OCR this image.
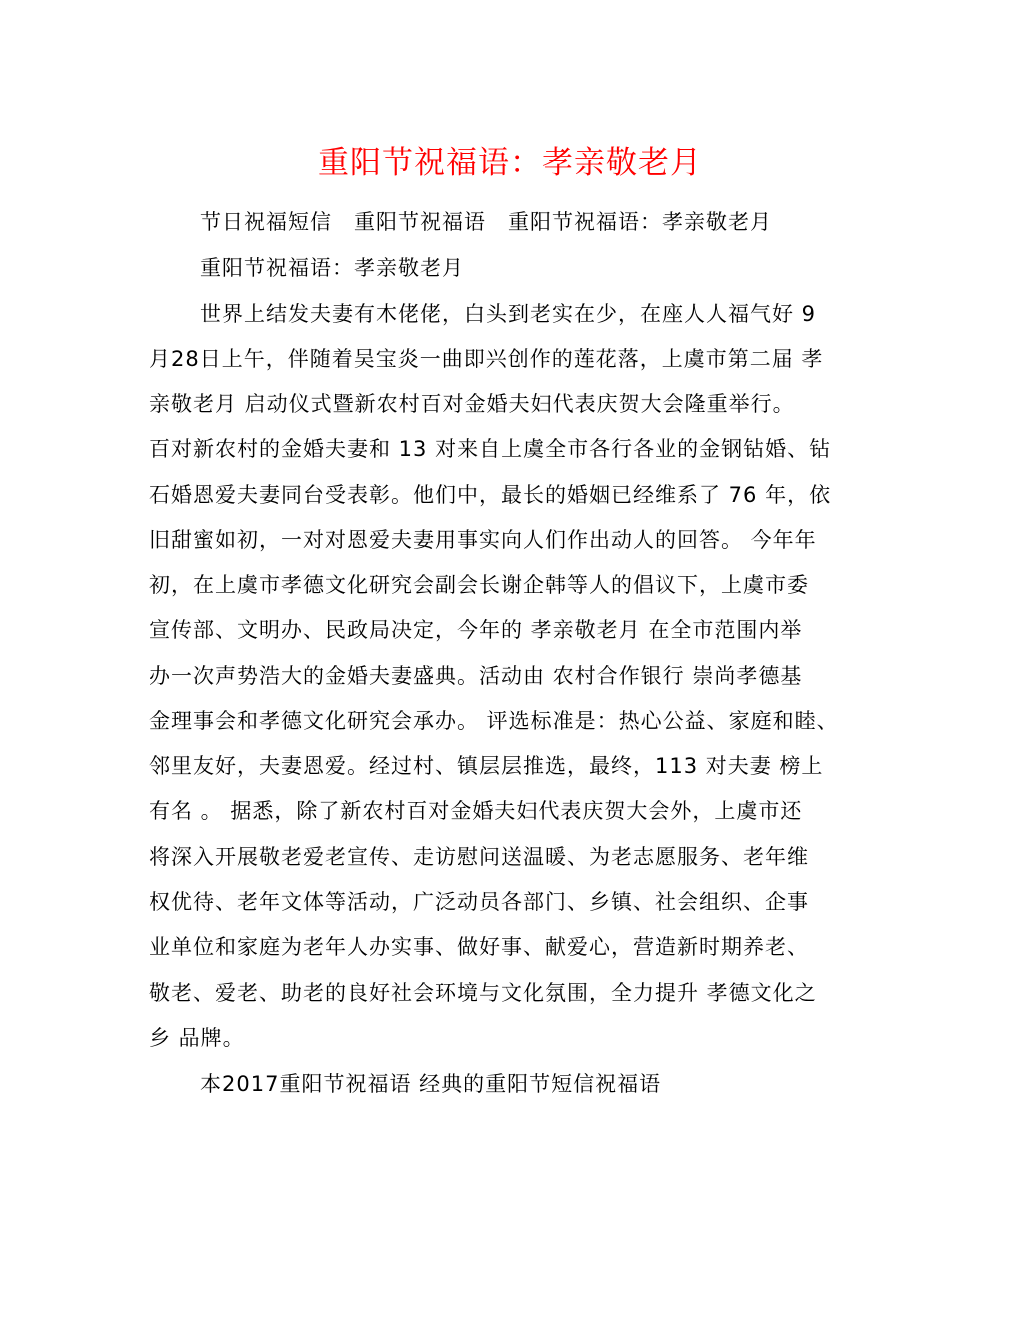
重阳节祝福语：孝亲敬老月
节日祝福短信　重阳节祝福语　重阳节祝福语：孝亲敬老月
重阳节祝福语：孝亲敬老月
世界上结发夫妻有木佬佬，白头到老实在少，在座人人福气好 9
月28日上午，伴随着吴宝炎一曲即兴创作的莲花落，上虞市第二届 孝
亲敬老月 启动仪式暨新农村百对金婚夫妇代表庆贺大会隆重举行。
百对新农村的金婚夫妻和 13 对来自上虞全市各行各业的金钢钻婚、钻
石婚恩爱夫妻同台受表彰。他们中，最长的婚姻已经维系了 76 年，依
旧甜蜜如初，一对对恩爱夫妻用事实向人们作出动人的回答。 今年年
初，在上虞市孝德文化研究会副会长谢企韩等人的倡议下，上虞市委
宣传部、文明办、民政局决定，今年的 孝亲敬老月 在全市范围内举
办一次声势浩大的金婚夫妻盛典。活动由 农村合作银行 崇尚孝德基
金理事会和孝德文化研究会承办。 评选标准是：热心公益、家庭和睦、
邻里友好，夫妻恩爱。经过村、镇层层推选，最终，113 对夫妻 榜上
有名 。 据悉，除了新农村百对金婚夫妇代表庆贺大会外，上虞市还
将深入开展敬老爱老宣传、走访慰问送温暖、为老志愿服务、老年维
权优待、老年文体等活动，广泛动员各部门、乡镇、社会组织、企事
业单位和家庭为老年人办实事、做好事、献爱心，营造新时期养老、
敬老、爱老、助老的良好社会环境与文化氛围，全力提升 孝德文化之
乡 品牌。
本2017重阳节祝福语 经典的重阳节短信祝福语
